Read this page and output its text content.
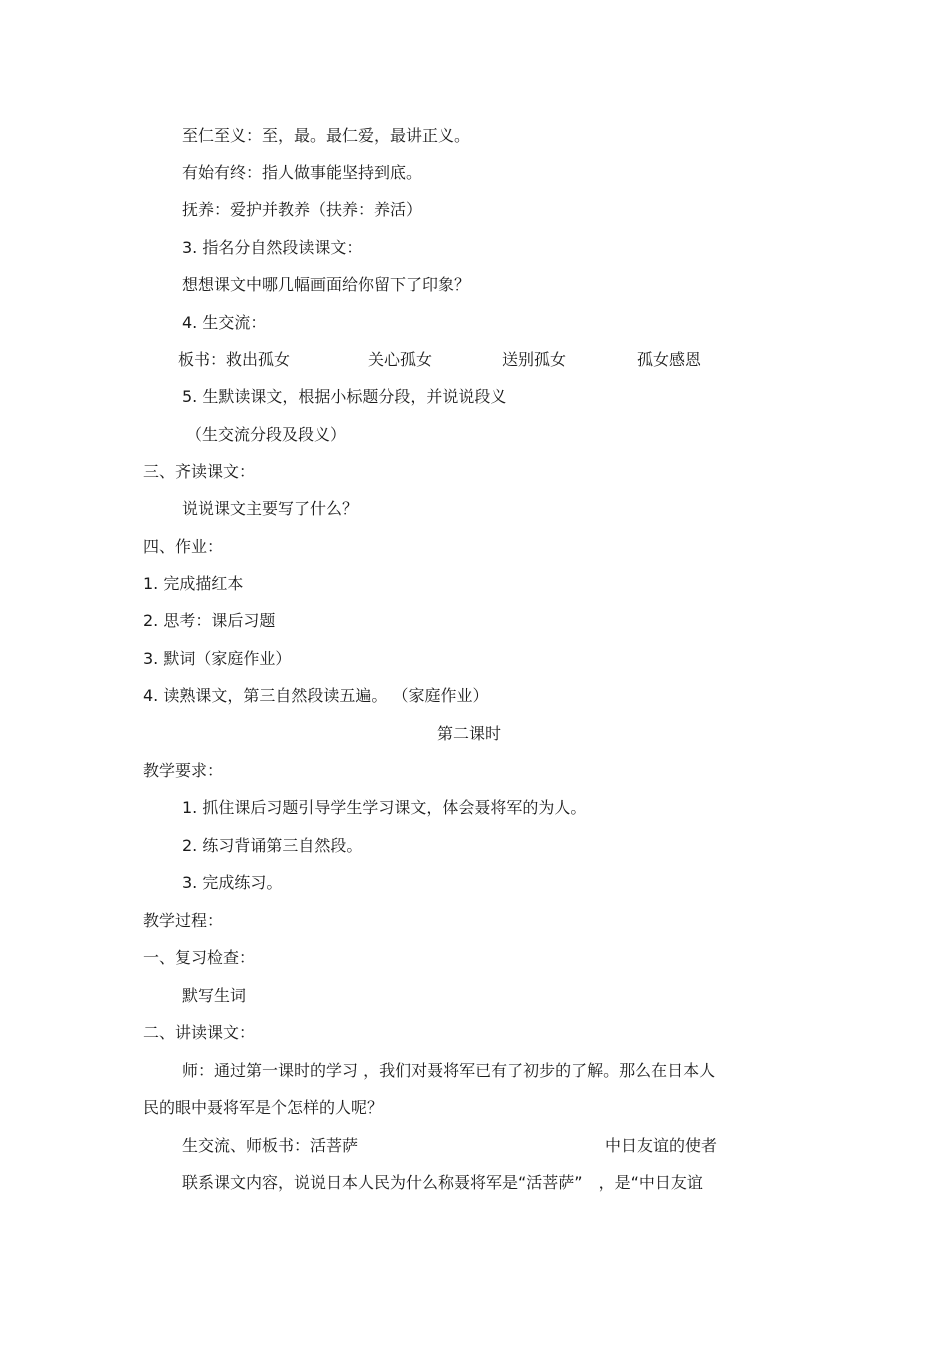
至仁至义：至，最。最仁爱，最讲正义。
有始有终：指人做事能坚持到底。
抚养：爱护并教养（扶养：养活）
3. 指名分自然段读课文：
想想课文中哪几幅画面给你留下了印象？
4. 生交流：
板书：救出孤女	关心孤女	送别孤女	孤女感恩
5. 生默读课文，根据小标题分段，并说说段义
（生交流分段及段义）
三、齐读课文：
说说课文主要写了什么？
四、作业：
1. 完成描红本
2. 思考：课后习题
3. 默词（家庭作业）
4. 读熟课文，第三自然段读五遍。 （家庭作业）
第二课时
教学要求：
1. 抓住课后习题引导学生学习课文，体会聂将军的为人。
2. 练习背诵第三自然段。
3. 完成练习。
教学过程：
一、复习检查：
默写生词
二、讲读课文：
师：通过第一课时的学习 ，我们对聂将军已有了初步的了解。那么在日本人
民的眼中聂将军是个怎样的人呢？
生交流、师板书：活菩萨	中日友谊的使者
联系课文内容，说说日本人民为什么称聂将军是“活菩萨”　，是“中日友谊
